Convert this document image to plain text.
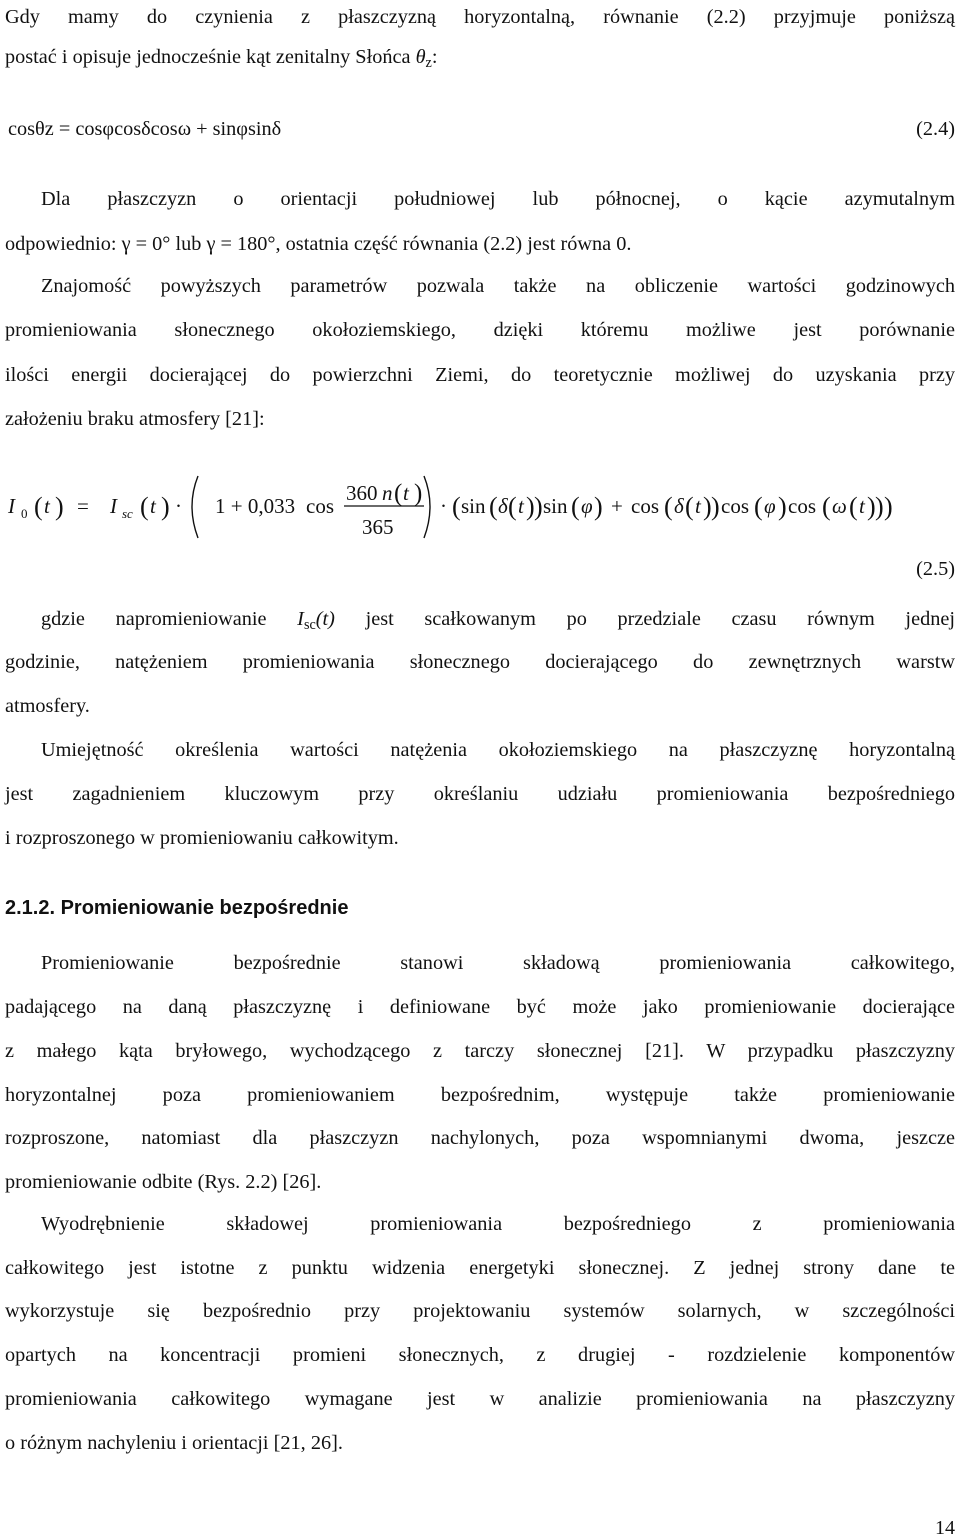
Gdy mamy do czynienia z płaszczyzną horyzontalną, równanie (2.2) przyjmuje poniższą
postać i opisuje jednocześnie kąt zenitalny Słońca $\theta_z$:
cosθz = cosφcosδcosω + sinφsinδ	(2.4)
Dla płaszczyzn o orientacji południowej lub północnej, o kącie azymutalnym
odpowiednio: γ = 0° lub γ = 180°, ostatnia część równania (2.2) jest równa 0.
Znajomość powyższych parametrów pozwala także na obliczenie wartości godzinowych
promieniowania słonecznego okołoziemskiego, dzięki któremu możliwe jest porównanie
ilości energii docierającej do powierzchni Ziemi, do teoretycznie możliwej do uzyskania przy
założeniu braku atmosfery [21]:
I 0 ( t ) = I sc ( t ) · 1 + 0,033 cos
360 n ( t )
365
· ( sin ( δ ( t ) ) sin ( φ ) + cos ( δ ( t ) ) cos ( φ ) cos ( ω ( t ) ) )
(2.5)
gdzie napromieniowanie $I_{sc}(t)$ jest scałkowanym po przedziale czasu równym jednej
godzinie, natężeniem promieniowania słonecznego docierającego do zewnętrznych warstw
atmosfery.
Umiejętność określenia wartości natężenia okołoziemskiego na płaszczyznę horyzontalną
jest zagadnieniem kluczowym przy określaniu udziału promieniowania bezpośredniego
i rozproszonego w promieniowaniu całkowitym.
2.1.2. Promieniowanie bezpośrednie
Promieniowanie bezpośrednie stanowi składową promieniowania całkowitego,
padającego na daną płaszczyznę i definiowane być może jako promieniowanie docierające
z małego kąta bryłowego, wychodzącego z tarczy słonecznej [21]. W przypadku płaszczyzny
horyzontalnej poza promieniowaniem bezpośrednim, występuje także promieniowanie
rozproszone, natomiast dla płaszczyzn nachylonych, poza wspomnianymi dwoma, jeszcze
promieniowanie odbite (Rys. 2.2) [26].
Wyodrębnienie składowej promieniowania bezpośredniego z promieniowania
całkowitego jest istotne z punktu widzenia energetyki słonecznej. Z jednej strony dane te
wykorzystuje się bezpośrednio przy projektowaniu systemów solarnych, w szczególności
opartych na koncentracji promieni słonecznych, z drugiej - rozdzielenie komponentów
promieniowania całkowitego wymagane jest w analizie promieniowania na płaszczyzny
o różnym nachyleniu i orientacji [21, 26].
14
